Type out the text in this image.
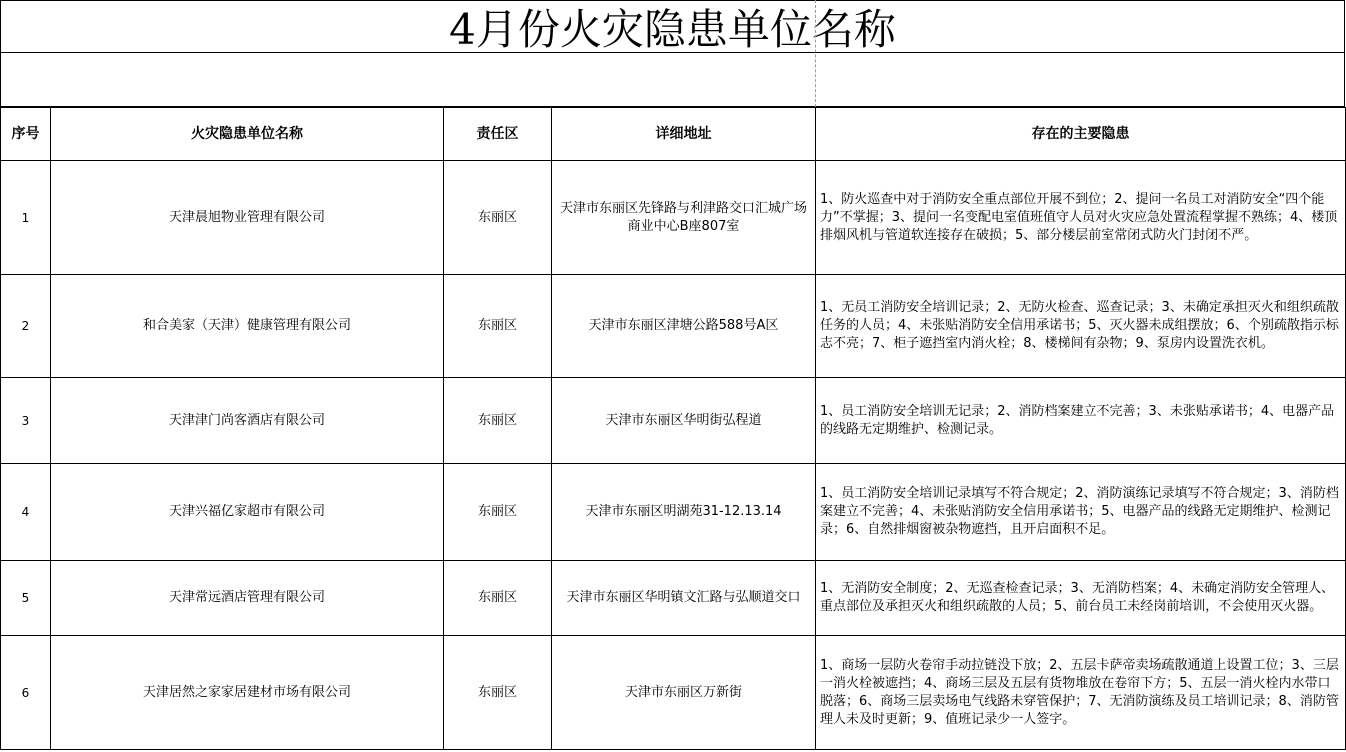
4月份火灾隐患单位名称
序号	火灾隐患单位名称	责任区	详细地址	存在的主要隐患
1	天津晨旭物业管理有限公司	东丽区	天津市东丽区先锋路与利津路交口汇城广场商业中心B座807室	1、防火巡查中对于消防安全重点部位开展不到位；2、提问一名员工对消防安全“四个能力”不掌握；3、提问一名变配电室值班值守人员对火灾应急处置流程掌握不熟练；4、楼顶排烟风机与管道软连接存在破损；5、部分楼层前室常闭式防火门封闭不严。
2	和合美家（天津）健康管理有限公司	东丽区	天津市东丽区津塘公路588号A区	1、无员工消防安全培训记录；2、无防火检查、巡查记录；3、未确定承担灭火和组织疏散任务的人员；4、未张贴消防安全信用承诺书；5、灭火器未成组摆放；6、个别疏散指示标志不亮；7、柜子遮挡室内消火栓；8、楼梯间有杂物；9、泵房内设置洗衣机。
3	天津津门尚客酒店有限公司	东丽区	天津市东丽区华明街弘程道	1、员工消防安全培训无记录；2、消防档案建立不完善；3、未张贴承诺书；4、电器产品的线路无定期维护、检测记录。
4	天津兴福亿家超市有限公司	东丽区	天津市东丽区明湖苑31-12.13.14	1、员工消防安全培训记录填写不符合规定；2、消防演练记录填写不符合规定；3、消防档案建立不完善；4、未张贴消防安全信用承诺书；5、电器产品的线路无定期维护、检测记录；6、自然排烟窗被杂物遮挡，且开启面积不足。
5	天津常远酒店管理有限公司	东丽区	天津市东丽区华明镇文汇路与弘顺道交口	1、无消防安全制度；2、无巡查检查记录；3、无消防档案；4、未确定消防安全管理人、重点部位及承担灭火和组织疏散的人员；5、前台员工未经岗前培训，不会使用灭火器。
6	天津居然之家家居建材市场有限公司	东丽区	天津市东丽区万新街	1、商场一层防火卷帘手动拉链没下放；2、五层卡萨帝卖场疏散通道上设置工位；3、三层一消火栓被遮挡；4、商场三层及五层有货物堆放在卷帘下方；5、五层一消火栓内水带口脱落；6、商场三层卖场电气线路未穿管保护；7、无消防演练及员工培训记录；8、消防管理人未及时更新；9、值班记录少一人签字。
